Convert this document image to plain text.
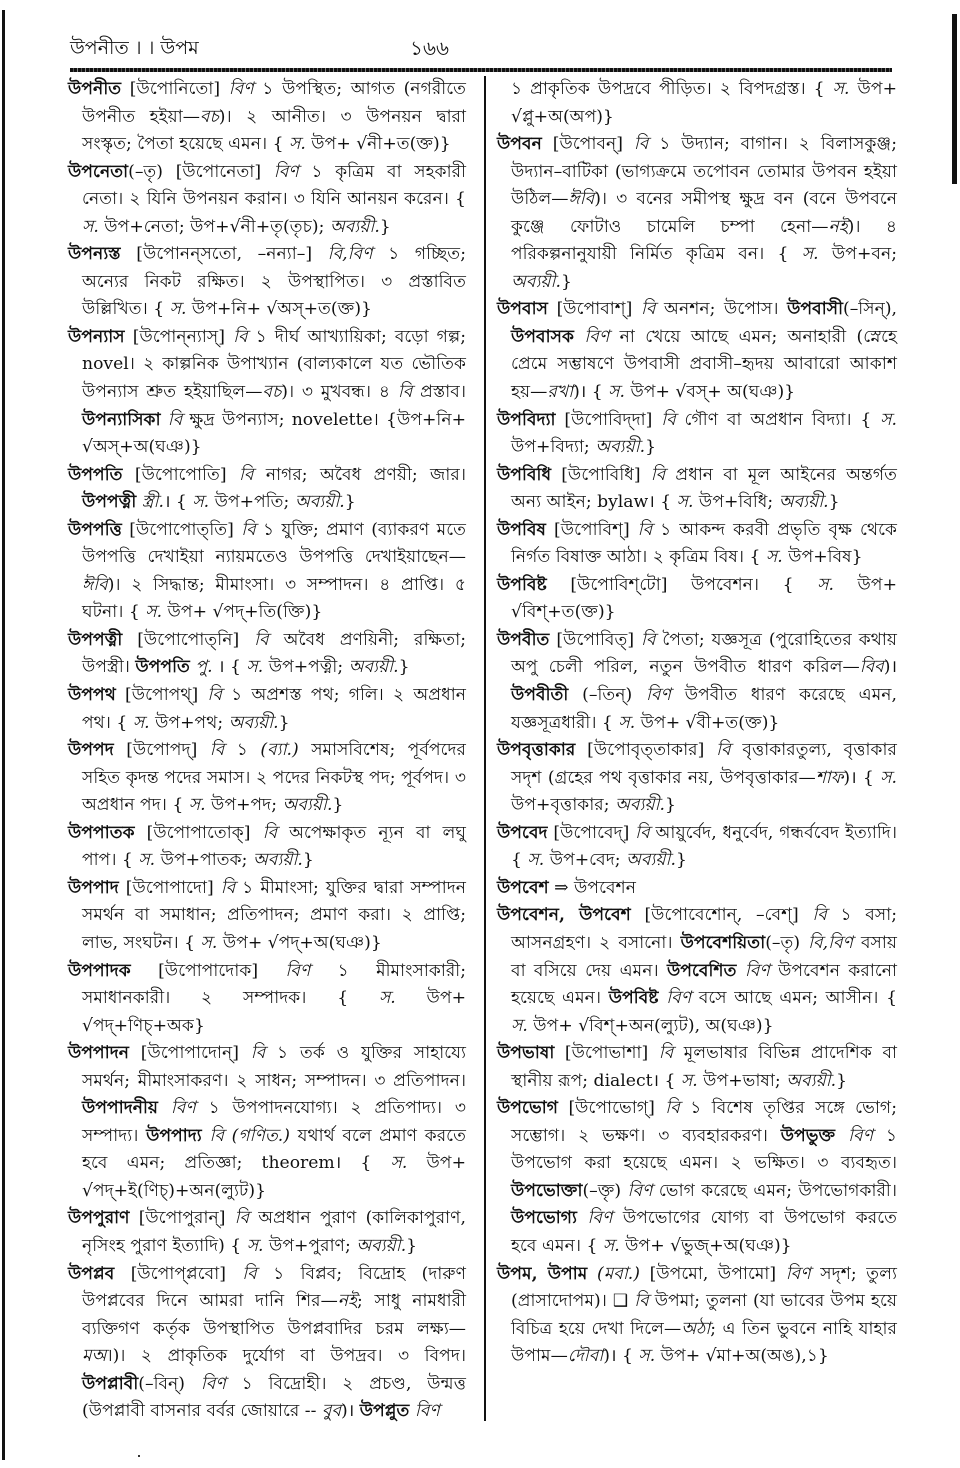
উপনীত । । উপম	১৬৬

উপনীত [উপোনিতো] বিণ ১ উপস্থিত; আগত (নগরীতে উপনীত হইয়া—বচ)। ২ আনীত। ৩ উপনয়ন দ্বারা সংস্কৃত; পৈতা হয়েছে এমন। { স. উপ+ √নী+ত(ক্ত)}

উপনেতা(–তৃ) [উপোনেতা] বিণ ১ কৃত্রিম বা সহকারী নেতা। ২ যিনি উপনয়ন করান। ৩ যিনি আনয়ন করেন। { স. উপ+নেতা; উপ+√নী+তৃ(তৃচ); অব্যয়ী.}

উপন্যস্ত [উপোনন্‌সতো, –নন্যা–] বি,বিণ ১ গচ্ছিত; অন্যের নিকট রক্ষিত। ২ উপস্থাপিত। ৩ প্রস্তাবিত উল্লিখিত। { স. উপ+নি+ √অস্‌+ত(ক্ত)}

উপন্যাস [উপোন্‌ন্যাস্] বি ১ দীর্ঘ আখ্যায়িকা; বড়ো গল্প; novel। ২ কাল্পনিক উপাখ্যান (বাল্যকালে যত ভৌতিক উপন্যাস শ্রুত হইয়াছিল—বচ)। ৩ মুখবন্ধ। ৪ বি প্রস্তাব। উপন্যাসিকা বি ক্ষুদ্র উপন্যাস; novelette। {উপ+নি+ √অস্‌+অ(ঘঞ)}

উপপতি [উপোপোতি] বি নাগর; অবৈধ প্রণয়ী; জার। উপপত্নী স্ত্রী.। { স. উপ+পতি; অব্যয়ী.}

উপপত্তি [উপোপোত্‌তি] বি ১ যুক্তি; প্রমাণ (ব্যাকরণ মতে উপপত্তি দেখাইয়া ন্যায়মতেও উপপত্তি দেখাইয়াছেন—ঈবি)। ২ সিদ্ধান্ত; মীমাংসা। ৩ সম্পাদন। ৪ প্রাপ্তি। ৫ ঘটনা। { স. উপ+ √পদ্‌+তি(ক্তি)}

উপপত্নী [উপোপোত্‌নি] বি অবৈধ প্রণয়িনী; রক্ষিতা; উপস্ত্রী। উপপতি পু. । { স. উপ+পত্নী; অব্যয়ী.}

উপপথ [উপোপথ্] বি ১ অপ্রশস্ত পথ; গলি। ২ অপ্রধান পথ। { স. উপ+পথ; অব্যয়ী.}

উপপদ [উপোপদ্] বি ১ (ব্যা.) সমাসবিশেষ; পূর্বপদের সহিত কৃদন্ত পদের সমাস। ২ পদের নিকটস্থ পদ; পূর্বপদ। ৩ অপ্রধান পদ। { স. উপ+পদ; অব্যয়ী.}

উপপাতক [উপোপাতোক্] বি অপেক্ষাকৃত ন্যূন বা লঘু পাপ। { স. উপ+পাতক; অব্যয়ী.}

উপপাদ [উপোপাদো] বি ১ মীমাংসা; যুক্তির দ্বারা সম্পাদন সমর্থন বা সমাধান; প্রতিপাদন; প্রমাণ করা। ২ প্রাপ্তি; লাভ, সংঘটন। { স. উপ+ √পদ্‌+অ(ঘঞ)}

উপপাদক [উপোপাদোক] বিণ ১ মীমাংসাকারী; সমাধানকারী। ২ সম্পাদক। { স. উপ+ √পদ্‌+ণিচ্‌+অক}

উপপাদন [উপোপাদোন্] বি ১ তর্ক ও যুক্তির সাহায্যে সমর্থন; মীমাংসাকরণ। ২ সাধন; সম্পাদন। ৩ প্রতিপাদন। উপপাদনীয় বিণ ১ উপপাদনযোগ্য। ২ প্রতিপাদ্য। ৩ সম্পাদ্য। উপপাদ্য বি (গণিত.) যথার্থ বলে প্রমাণ করতে হবে এমন; প্রতিজ্ঞা; theorem। { স. উপ+ √পদ্‌+ই(ণিচ্)+অন(ল্যুট)}

উপপুরাণ [উপোপুরান্] বি অপ্রধান পুরাণ (কালিকাপুরাণ, নৃসিংহ পুরাণ ইত্যাদি) { স. উপ+পুরাণ; অব্যয়ী.}

উপপ্লব [উপোপ্‌প্লবো] বি ১ বিপ্লব; বিদ্রোহ (দারুণ উপপ্লবের দিনে আমরা দানি শির—নই; সাধু নামধারী ব্যক্তিগণ কর্তৃক উপস্থাপিত উপপ্লবাদির চরম লক্ষ্য—মঅ।)। ২ প্রাকৃতিক দুর্যোগ বা উপদ্রব। ৩ বিপদ। উপপ্লাবী(–বিন্) বিণ ১ বিদ্রোহী। ২ প্রচণ্ড, উন্মত্ত (উপপ্লাবী বাসনার বর্বর জোয়ারে -- বুব)। উপপ্লুত বিণ

১ প্রাকৃতিক উপদ্রবে পীড়িত। ২ বিপদগ্রস্ত। { স. উপ+ √প্লু+অ(অপ)}

উপবন [উপোবন্] বি ১ উদ্যান; বাগান। ২ বিলাসকুঞ্জ; উদ্যান–বাটিকা (ভাগ্যক্রমে তপোবন তোমার উপবন হইয়া উঠিল—ঈবি)। ৩ বনের সমীপস্থ ক্ষুদ্র বন (বনে উপবনে কুঞ্জে ফোটাও চামেলি চম্পা হেনা—নই)। ৪ পরিকল্পনানুযায়ী নির্মিত কৃত্রিম বন। { স. উপ+বন; অব্যয়ী.}

উপবাস [উপোবাশ্] বি অনশন; উপোস। উপবাসী(–সিন্), উপবাসক বিণ না খেয়ে আছে এমন; অনাহারী (স্নেহে প্রেমে সম্ভাষণে উপবাসী প্রবাসী–হৃদয় আবারো আকাশ হয়—রখা)। { স. উপ+ √বস্‌+ অ(ঘঞ)}

উপবিদ্যা [উপোবিদ্‌দা] বি গৌণ বা অপ্রধান বিদ্যা। { স. উপ+বিদ্যা; অব্যয়ী.}

উপবিধি [উপোবিধি] বি প্রধান বা মূল আইনের অন্তর্গত অন্য আইন; bylaw। { স. উপ+বিধি; অব্যয়ী.}

উপবিষ [উপোবিশ্] বি ১ আকন্দ করবী প্রভৃতি বৃক্ষ থেকে নির্গত বিষাক্ত আঠা। ২ কৃত্রিম বিষ। { স. উপ+বিষ}

উপবিষ্ট [উপোবিশ্‌টো] উপবেশন। { স. উপ+ √বিশ্‌+ত(ক্ত)}

উপবীত [উপোবিত্] বি পৈতা; যজ্ঞসূত্র (পুরোহিতের কথায় অপু চেলী পরিল, নতুন উপবীত ধারণ করিল—বিব)। উপবীতী (–তিন্) বিণ উপবীত ধারণ করেছে এমন, যজ্ঞসূত্রধারী। { স. উপ+ √বী+ত(ক্ত)}

উপবৃত্তাকার [উপোবৃত্‌তাকার] বি বৃত্তাকারতুল্য, বৃত্তাকার সদৃশ (গ্রহের পথ বৃত্তাকার নয়, উপবৃত্তাকার—শাফ)। { স. উপ+বৃত্তাকার; অব্যয়ী.}

উপবেদ [উপোবেদ্] বি আয়ুর্বেদ, ধনুর্বেদ, গন্ধর্ববেদ ইত্যাদি। { স. উপ+বেদ; অব্যয়ী.}

উপবেশ ⇒ উপবেশন

উপবেশন, উপবেশ [উপোবেশোন্, –বেশ্] বি ১ বসা; আসনগ্রহণ। ২ বসানো। উপবেশয়িতা(–তৃ) বি,বিণ বসায় বা বসিয়ে দেয় এমন। উপবেশিত বিণ উপবেশন করানো হয়েছে এমন। উপবিষ্ট বিণ বসে আছে এমন; আসীন। { স. উপ+ √বিশ্‌+অন(ল্যুট), অ(ঘঞ)}

উপভাষা [উপোভাশা] বি মূলভাষার বিভিন্ন প্রাদেশিক বা স্থানীয় রূপ; dialect। { স. উপ+ভাষা; অব্যয়ী.}

উপভোগ [উপোভোগ্] বি ১ বিশেষ তৃপ্তির সঙ্গে ভোগ; সম্ভোগ। ২ ভক্ষণ। ৩ ব্যবহারকরণ। উপভুক্ত বিণ ১ উপভোগ করা হয়েছে এমন। ২ ভক্ষিত। ৩ ব্যবহৃত। উপভোক্তা(–ক্তৃ) বিণ ভোগ করেছে এমন; উপভোগকারী। উপভোগ্য বিণ উপভোগের যোগ্য বা উপভোগ করতে হবে এমন। { স. উপ+ √ভুজ্‌+অ(ঘঞ)}

উপম, উপাম (মবা.) [উপমো, উপামো] বিণ সদৃশ; তুল্য (প্রাসাদোপম)। ❑ বি উপমা; তুলনা (যা ভাবের উপম হয়ে বিচিত্র হয়ে দেখা দিলে—অঠা; এ তিন ভুবনে নাহি যাহার উপাম—দৌবা)। { স. উপ+ √মা+অ(অঙ),১}
